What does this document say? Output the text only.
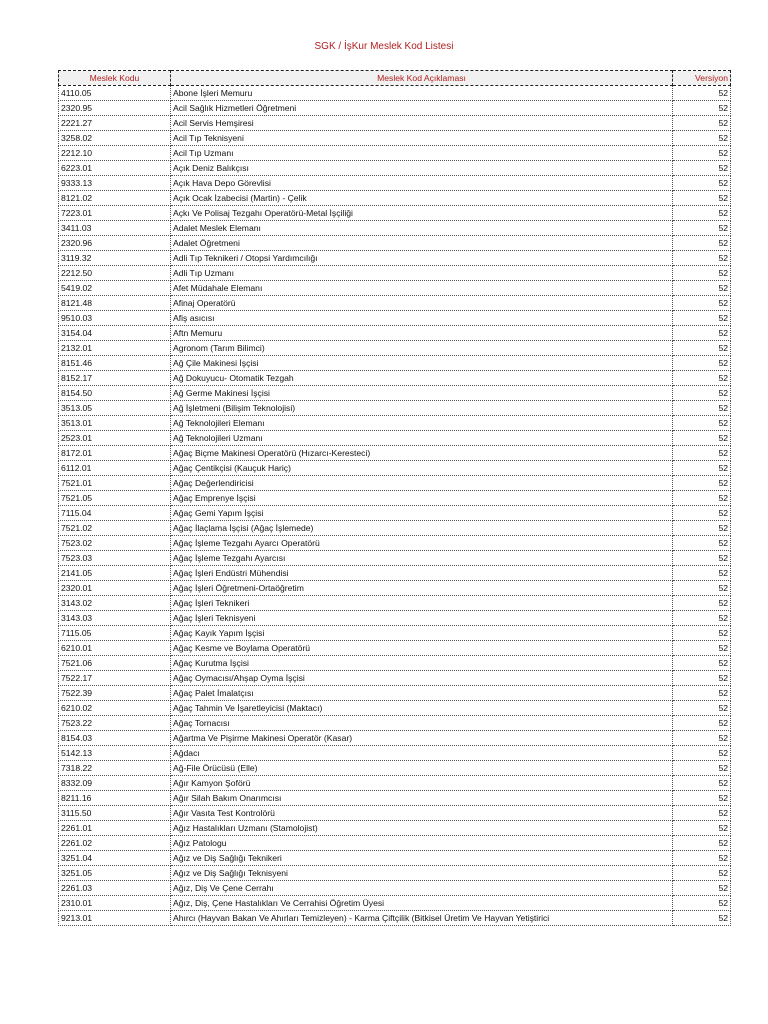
SGK / İşKur Meslek Kod Listesi
Meslek Kodu	Meslek Kod Açıklaması	Versiyon
4110.05	Abone İşleri Memuru	52
2320.95	Acil Sağlık Hizmetleri Öğretmeni	52
2221.27	Acil Servis Hemşiresi	52
3258.02	Acil Tıp Teknisyeni	52
2212.10	Acil Tıp Uzmanı	52
6223.01	Açık Deniz Balıkçısı	52
9333.13	Açık Hava Depo Görevlisi	52
8121.02	Açık Ocak İzabecisi (Martin) - Çelik	52
7223.01	Açkı Ve Polisaj Tezgahı Operatörü-Metal İşçiliği	52
3411.03	Adalet Meslek Elemanı	52
2320.96	Adalet Öğretmeni	52
3119.32	Adli Tıp Teknikeri / Otopsi Yardımcılığı	52
2212.50	Adli Tıp Uzmanı	52
5419.02	Afet Müdahale Elemanı	52
8121.48	Afinaj Operatörü	52
9510.03	Afiş asıcısı	52
3154.04	Aftn Memuru	52
2132.01	Agronom (Tarım Bilimci)	52
8151.46	Ağ Çile Makinesi İşçisi	52
8152.17	Ağ Dokuyucu- Otomatik Tezgah	52
8154.50	Ağ Germe Makinesi İşçisi	52
3513.05	Ağ İşletmeni (Bilişim Teknolojisi)	52
3513.01	Ağ Teknolojileri Elemanı	52
2523.01	Ağ Teknolojileri Uzmanı	52
8172.01	Ağaç Biçme Makinesi Operatörü (Hızarcı-Keresteci)	52
6112.01	Ağaç Çentikçisi (Kauçuk Hariç)	52
7521.01	Ağaç Değerlendiricisi	52
7521.05	Ağaç Emprenye İşçisi	52
7115.04	Ağaç Gemi Yapım İşçisi	52
7521.02	Ağaç İlaçlama İşçisi (Ağaç İşlemede)	52
7523.02	Ağaç İşleme Tezgahı Ayarcı Operatörü	52
7523.03	Ağaç İşleme Tezgahı Ayarcısı	52
2141.05	Ağaç İşleri Endüstri Mühendisi	52
2320.01	Ağaç İşleri Öğretmeni-Ortaöğretim	52
3143.02	Ağaç İşleri Teknikeri	52
3143.03	Ağaç İşleri Teknisyeni	52
7115.05	Ağaç Kayık Yapım İşçisi	52
6210.01	Ağaç Kesme ve Boylama Operatörü	52
7521.06	Ağaç Kurutma İşçisi	52
7522.17	Ağaç Oymacısı/Ahşap Oyma İşçisi	52
7522.39	Ağaç Palet İmalatçısı	52
6210.02	Ağaç Tahmin Ve İşaretleyicisi (Maktacı)	52
7523.22	Ağaç Tornacısı	52
8154.03	Ağartma Ve Pişirme Makinesi Operatör (Kasar)	52
5142.13	Ağdacı	52
7318.22	Ağ-File Örücüsü (Elle)	52
8332.09	Ağır Kamyon Şoförü	52
8211.16	Ağır Silah Bakım Onarımcısı	52
3115.50	Ağır Vasıta Test Kontrolörü	52
2261.01	Ağız Hastalıkları Uzmanı (Stamolojist)	52
2261.02	Ağız Patologu	52
3251.04	Ağız ve Diş Sağlığı Teknikeri	52
3251.05	Ağız ve Diş Sağlığı Teknisyeni	52
2261.03	Ağız, Diş Ve Çene Cerrahı	52
2310.01	Ağız, Diş, Çene Hastalıkları Ve Cerrahisi Öğretim Üyesi	52
9213.01	Ahırcı (Hayvan Bakan Ve Ahırları Temizleyen) - Karma Çiftçilik (Bitkisel Üretim Ve Hayvan Yetiştirici	52
